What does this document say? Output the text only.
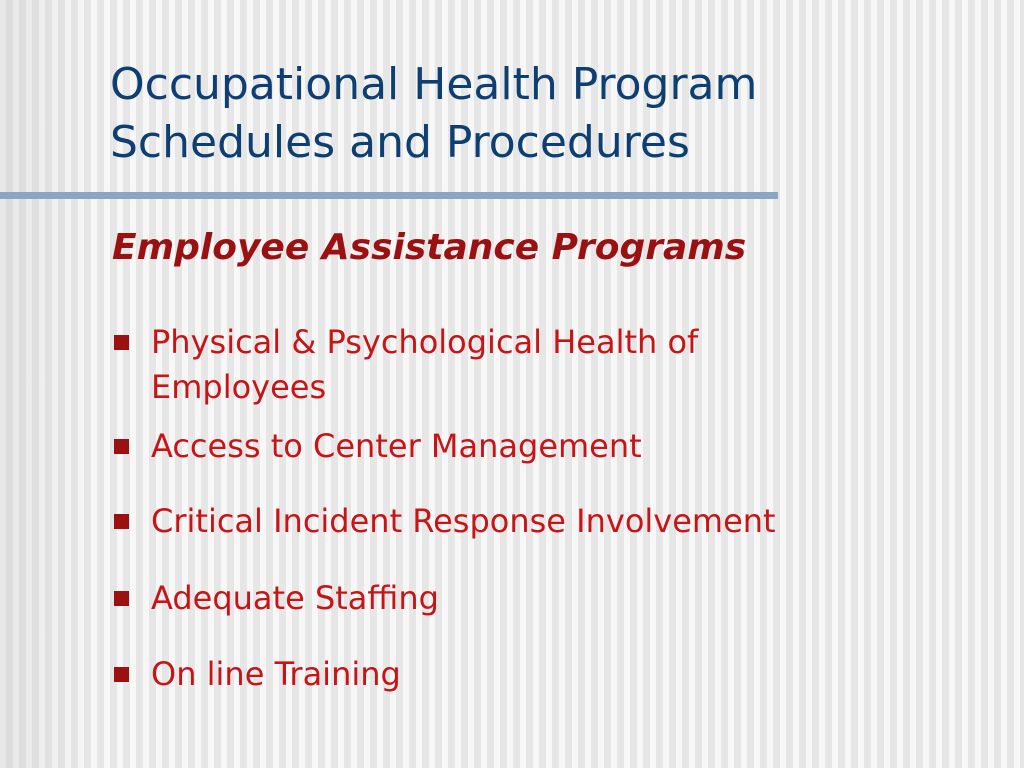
Occupational Health Program
Schedules and Procedures
Employee Assistance Programs
Physical & Psychological Health of
Employees
Access to Center Management
Critical Incident Response Involvement
Adequate Staffing
On line Training
